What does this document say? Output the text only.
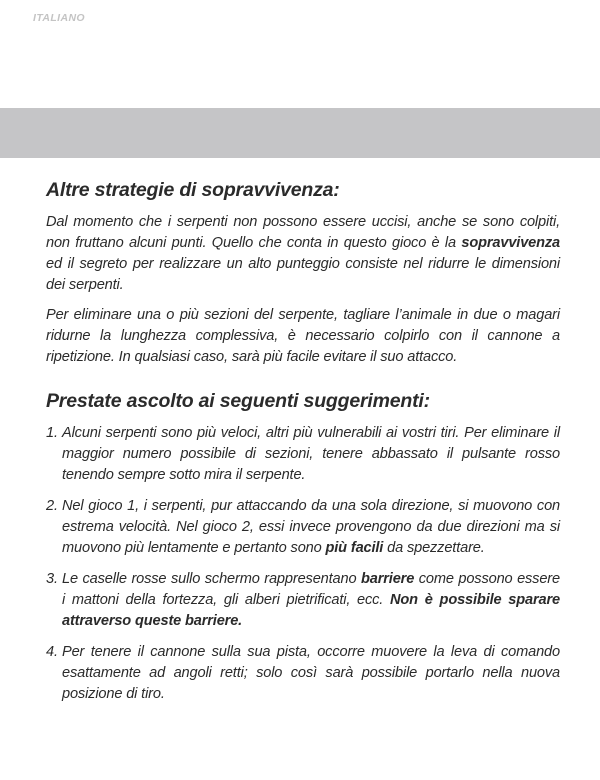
ITALIANO
Altre strategie di sopravvivenza:

Dal momento che i serpenti non possono essere uccisi, anche se sono colpiti, non fruttano alcuni punti. Quello che conta in questo gioco è la sopravvivenza ed il segreto per realizzare un alto punteggio consiste nel ridurre le dimensioni dei serpenti.

Per eliminare una o più sezioni del serpente, tagliare l’animale in due o magari ridurne la lunghezza complessiva, è necessario colpirlo con il cannone a ripetizione. In qualsiasi caso, sarà più facile evitare il suo attacco.

Prestate ascolto ai seguenti suggerimenti:
1. Alcuni serpenti sono più veloci, altri più vulnerabili ai vostri tiri. Per eliminare il maggior numero possibile di sezioni, tenere abbassato il pulsante rosso tenendo sempre sotto mira il serpente.
2. Nel gioco 1, i serpenti, pur attaccando da una sola direzione, si muovono con estrema velocità. Nel gioco 2, essi invece provengono da due direzioni ma si muovono più lentamente e pertanto sono più facili da spezzettare.
3. Le caselle rosse sullo schermo rappresentano barriere come possono essere i mattoni della fortezza, gli alberi pietrificati, ecc. Non è possibile sparare attraverso queste barriere.
4. Per tenere il cannone sulla sua pista, occorre muovere la leva di comando esattamente ad angoli retti; solo così sarà possibile portarlo nella nuova posizione di tiro.
